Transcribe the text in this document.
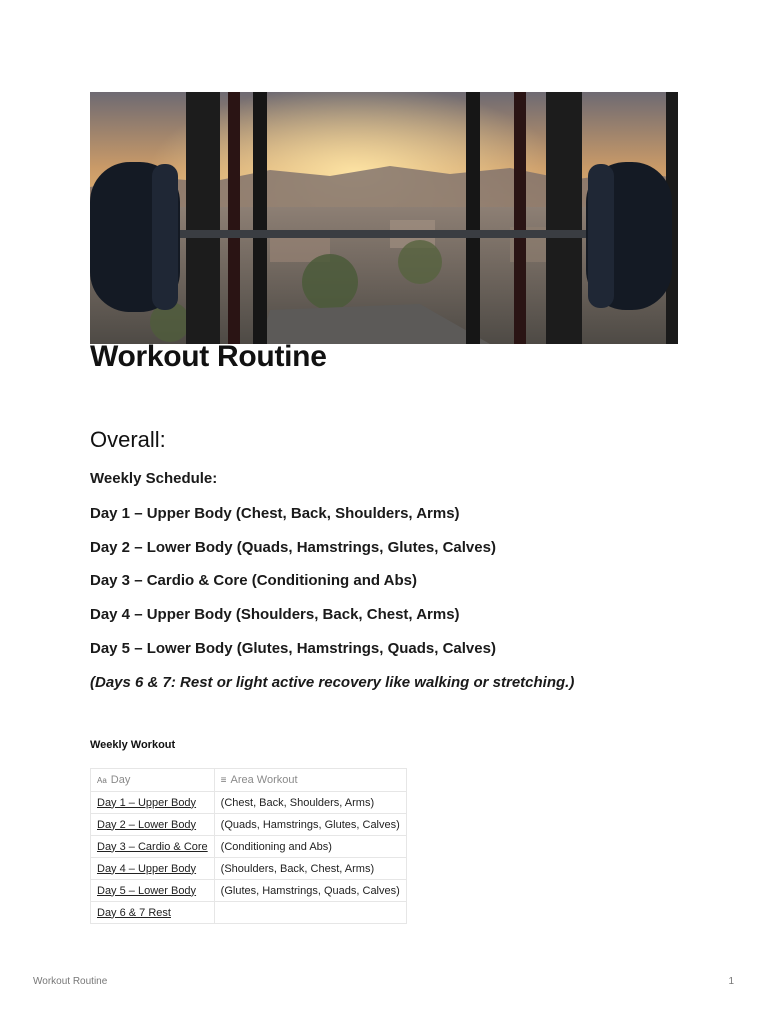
Workout Routine
Overall:

Weekly Schedule:

Day 1 – Upper Body (Chest, Back, Shoulders, Arms)

Day 2 – Lower Body (Quads, Hamstrings, Glutes, Calves)

Day 3 – Cardio & Core (Conditioning and Abs)

Day 4 – Upper Body (Shoulders, Back, Chest, Arms)

Day 5 – Lower Body (Glutes, Hamstrings, Quads, Calves)

(Days 6 & 7: Rest or light active recovery like walking or stretching.)

Weekly Workout
Aa Day	≡ Area Workout
Day 1 – Upper Body	(Chest, Back, Shoulders, Arms)
Day 2 – Lower Body	(Quads, Hamstrings, Glutes, Calves)
Day 3 – Cardio & Core	(Conditioning and Abs)
Day 4 – Upper Body	(Shoulders, Back, Chest, Arms)
Day 5 – Lower Body	(Glutes, Hamstrings, Quads, Calves)
Day 6 & 7 Rest	
Workout Routine	1
